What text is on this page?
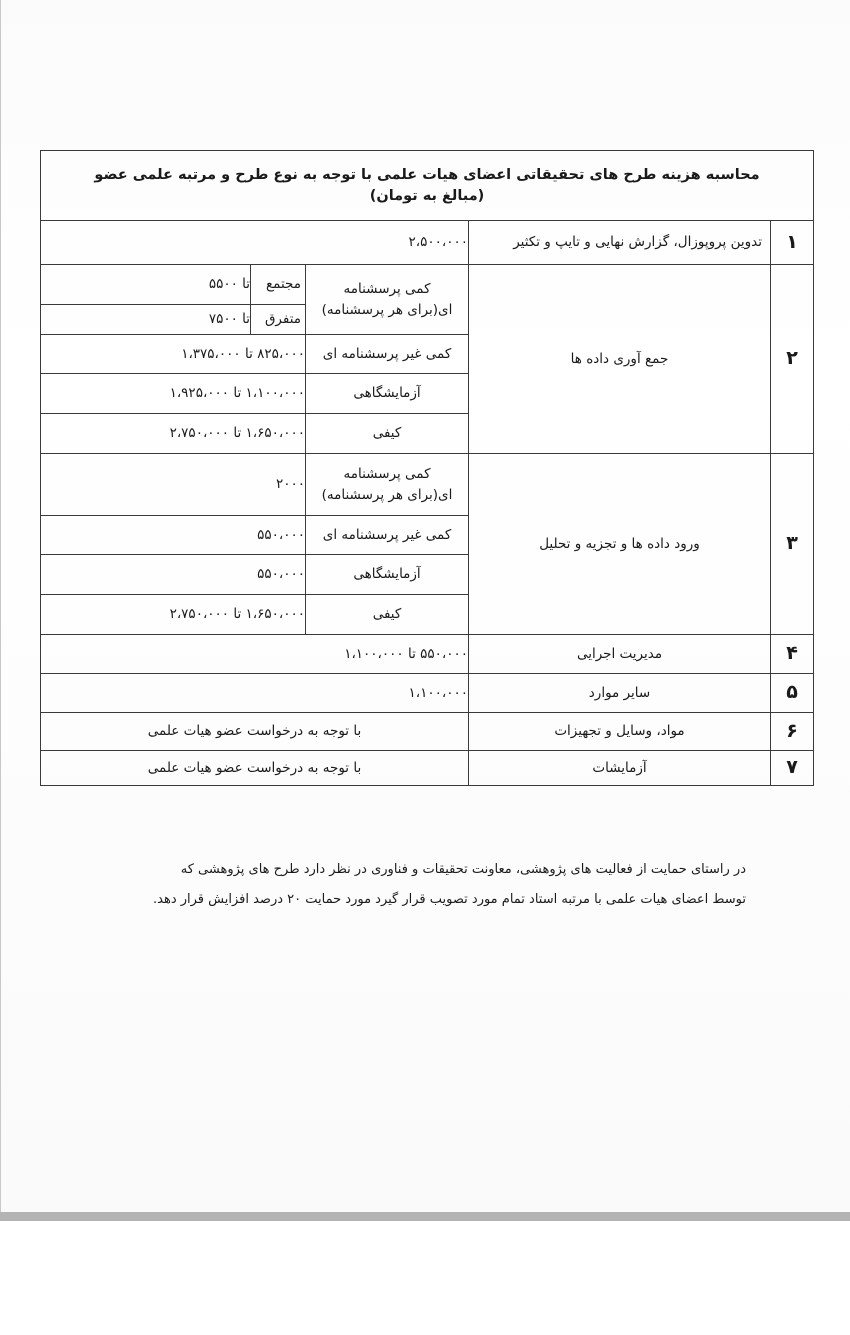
محاسبه هزینه طرح های تحقیقاتی اعضای هیات علمی با توجه به نوع طرح و مرتبه علمی عضو
(مبالغ به تومان)
۱
تدوین پروپوزال، گزارش نهایی و تایپ و تکثیر
۲،۵۰۰،۰۰۰
۲
جمع آوری داده ها
کمی پرسشنامه ای(برای هر پرسشنامه)
مجتمع
تا ۵۵۰۰
متفرق
تا ۷۵۰۰
کمی غیر پرسشنامه ای
۸۲۵،۰۰۰ تا ۱،۳۷۵،۰۰۰
آزمایشگاهی
۱،۱۰۰،۰۰۰ تا ۱،۹۲۵،۰۰۰
کیفی
۱،۶۵۰،۰۰۰ تا ۲،۷۵۰،۰۰۰
۳
ورود داده ها و تجزیه و تحلیل
کمی پرسشنامه ای(برای هر پرسشنامه)
۲۰۰۰
کمی غیر پرسشنامه ای
۵۵۰،۰۰۰
آزمایشگاهی
۵۵۰،۰۰۰
کیفی
۱،۶۵۰،۰۰۰ تا ۲،۷۵۰،۰۰۰
۴
مدیریت اجرایی
۵۵۰،۰۰۰ تا ۱،۱۰۰،۰۰۰
۵
سایر موارد
۱،۱۰۰،۰۰۰
۶
مواد، وسایل و تجهیزات
با توجه به درخواست عضو هیات علمی
۷
آزمایشات
با توجه به درخواست عضو هیات علمی
در راستای حمایت از فعالیت های پژوهشی، معاونت تحقیقات و فناوری در نظر دارد طرح های پژوهشی که
توسط اعضای هیات علمی با مرتبه استاد تمام مورد تصویب قرار گیرد مورد حمایت ۲۰ درصد افزایش قرار دهد.
